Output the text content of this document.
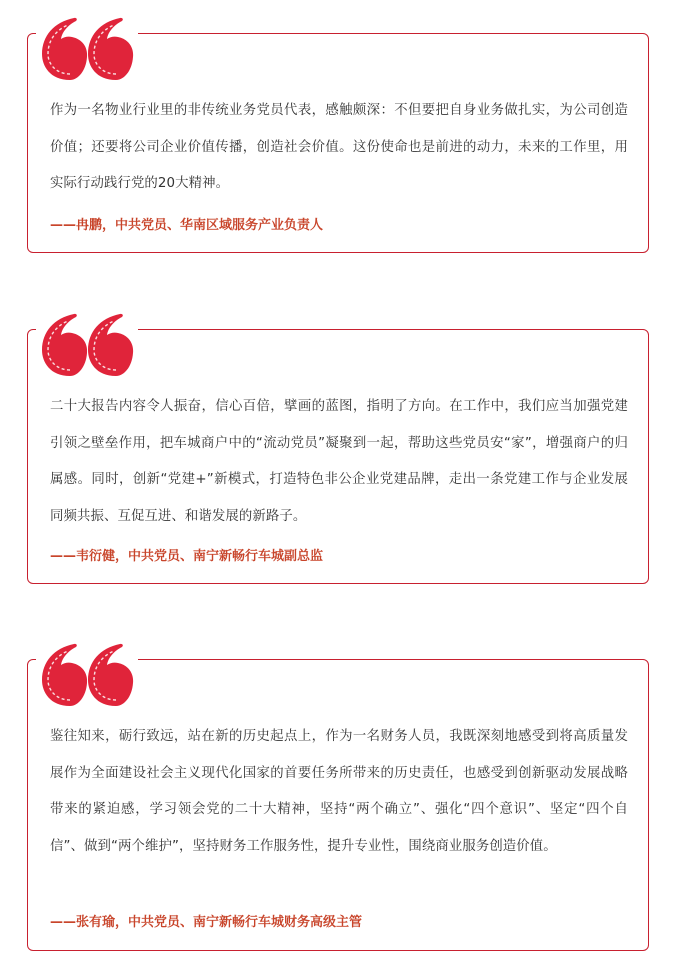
作为一名物业行业里的非传统业务党员代表，感触颇深：不但要把自身业务做扎实，为公司创造价值；还要将公司企业价值传播，创造社会价值。这份使命也是前进的动力，未来的工作里，用实际行动践行党的20大精神。

——冉鹏，中共党员、华南区域服务产业负责人

二十大报告内容令人振奋，信心百倍，擘画的蓝图，指明了方向。在工作中，我们应当加强党建引领之壁垒作用，把车城商户中的“流动党员”凝聚到一起，帮助这些党员安“家”，增强商户的归属感。同时，创新“党建+”新模式，打造特色非公企业党建品牌，走出一条党建工作与企业发展同频共振、互促互进、和谐发展的新路子。

——韦衍健，中共党员、南宁新畅行车城副总监

鉴往知来，砺行致远，站在新的历史起点上，作为一名财务人员，我既深刻地感受到将高质量发展作为全面建设社会主义现代化国家的首要任务所带来的历史责任，也感受到创新驱动发展战略带来的紧迫感，学习领会党的二十大精神，坚持“两个确立”、强化“四个意识”、坚定“四个自信”、做到“两个维护”，坚持财务工作服务性，提升专业性，围绕商业服务创造价值。

——张有瑜，中共党员、南宁新畅行车城财务高级主管
